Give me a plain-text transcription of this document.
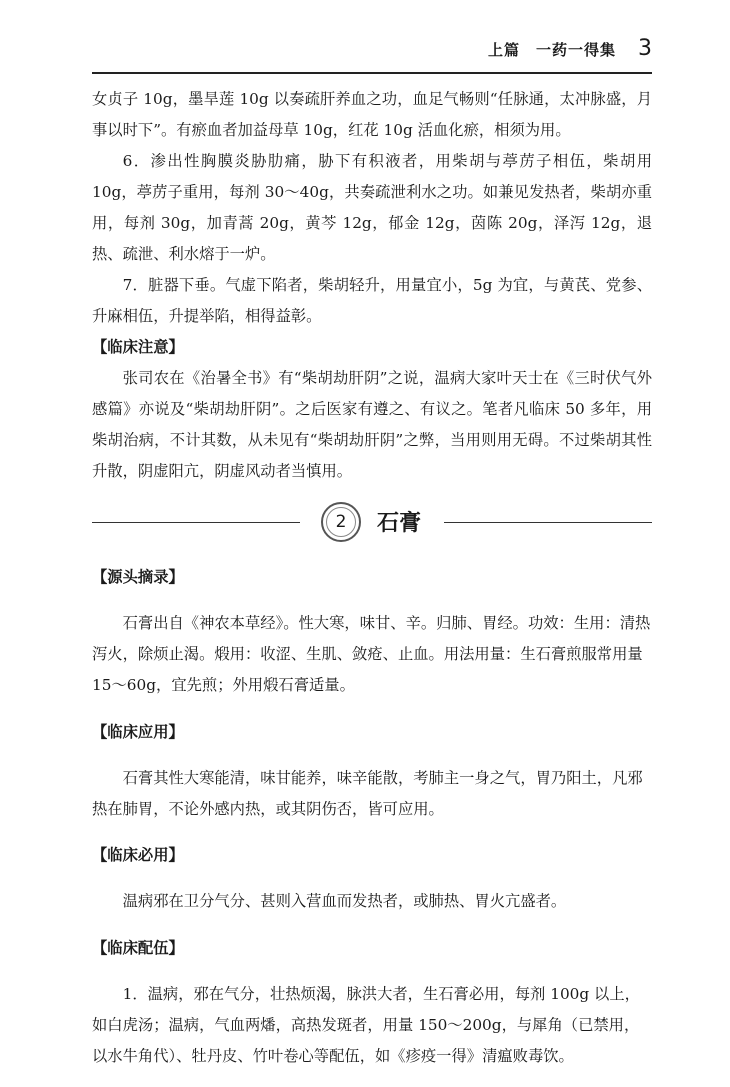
上篇　一药一得集 3

女贞子 10g，墨旱莲 10g 以奏疏肝养血之功，血足气畅则“任脉通，太冲脉盛，月事以时下”。有瘀血者加益母草 10g，红花 10g 活血化瘀，相须为用。

6．渗出性胸膜炎胁肋痛，胁下有积液者，用柴胡与葶苈子相伍，柴胡用 10g，葶苈子重用，每剂 30～40g，共奏疏泄利水之功。如兼见发热者，柴胡亦重用，每剂 30g，加青蒿 20g，黄芩 12g，郁金 12g，茵陈 20g，泽泻 12g，退热、疏泄、利水熔于一炉。

7．脏器下垂。气虚下陷者，柴胡轻升，用量宜小，5g 为宜，与黄芪、党参、升麻相伍，升提举陷，相得益彰。

【临床注意】

张司农在《治暑全书》有“柴胡劫肝阴”之说，温病大家叶天士在《三时伏气外感篇》亦说及“柴胡劫肝阴”。之后医家有遵之、有议之。笔者凡临床 50 多年，用柴胡治病，不计其数，从未见有“柴胡劫肝阴”之弊，当用则用无碍。不过柴胡其性升散，阴虚阳亢，阴虚风动者当慎用。

2 石膏

【源头摘录】

石膏出自《神农本草经》。性大寒，味甘、辛。归肺、胃经。功效：生用：清热泻火，除烦止渴。煅用：收涩、生肌、敛疮、止血。用法用量：生石膏煎服常用量 15～60g，宜先煎；外用煅石膏适量。

【临床应用】

石膏其性大寒能清，味甘能养，味辛能散，考肺主一身之气，胃乃阳土，凡邪热在肺胃，不论外感内热，或其阴伤否，皆可应用。

【临床必用】

温病邪在卫分气分、甚则入营血而发热者，或肺热、胃火亢盛者。

【临床配伍】

1．温病，邪在气分，壮热烦渴，脉洪大者，生石膏必用，每剂 100g 以上，如白虎汤；温病，气血两燔，高热发斑者，用量 150～200g，与犀角（已禁用，以水牛角代）、牡丹皮、竹叶卷心等配伍，如《疹疫一得》清瘟败毒饮。
